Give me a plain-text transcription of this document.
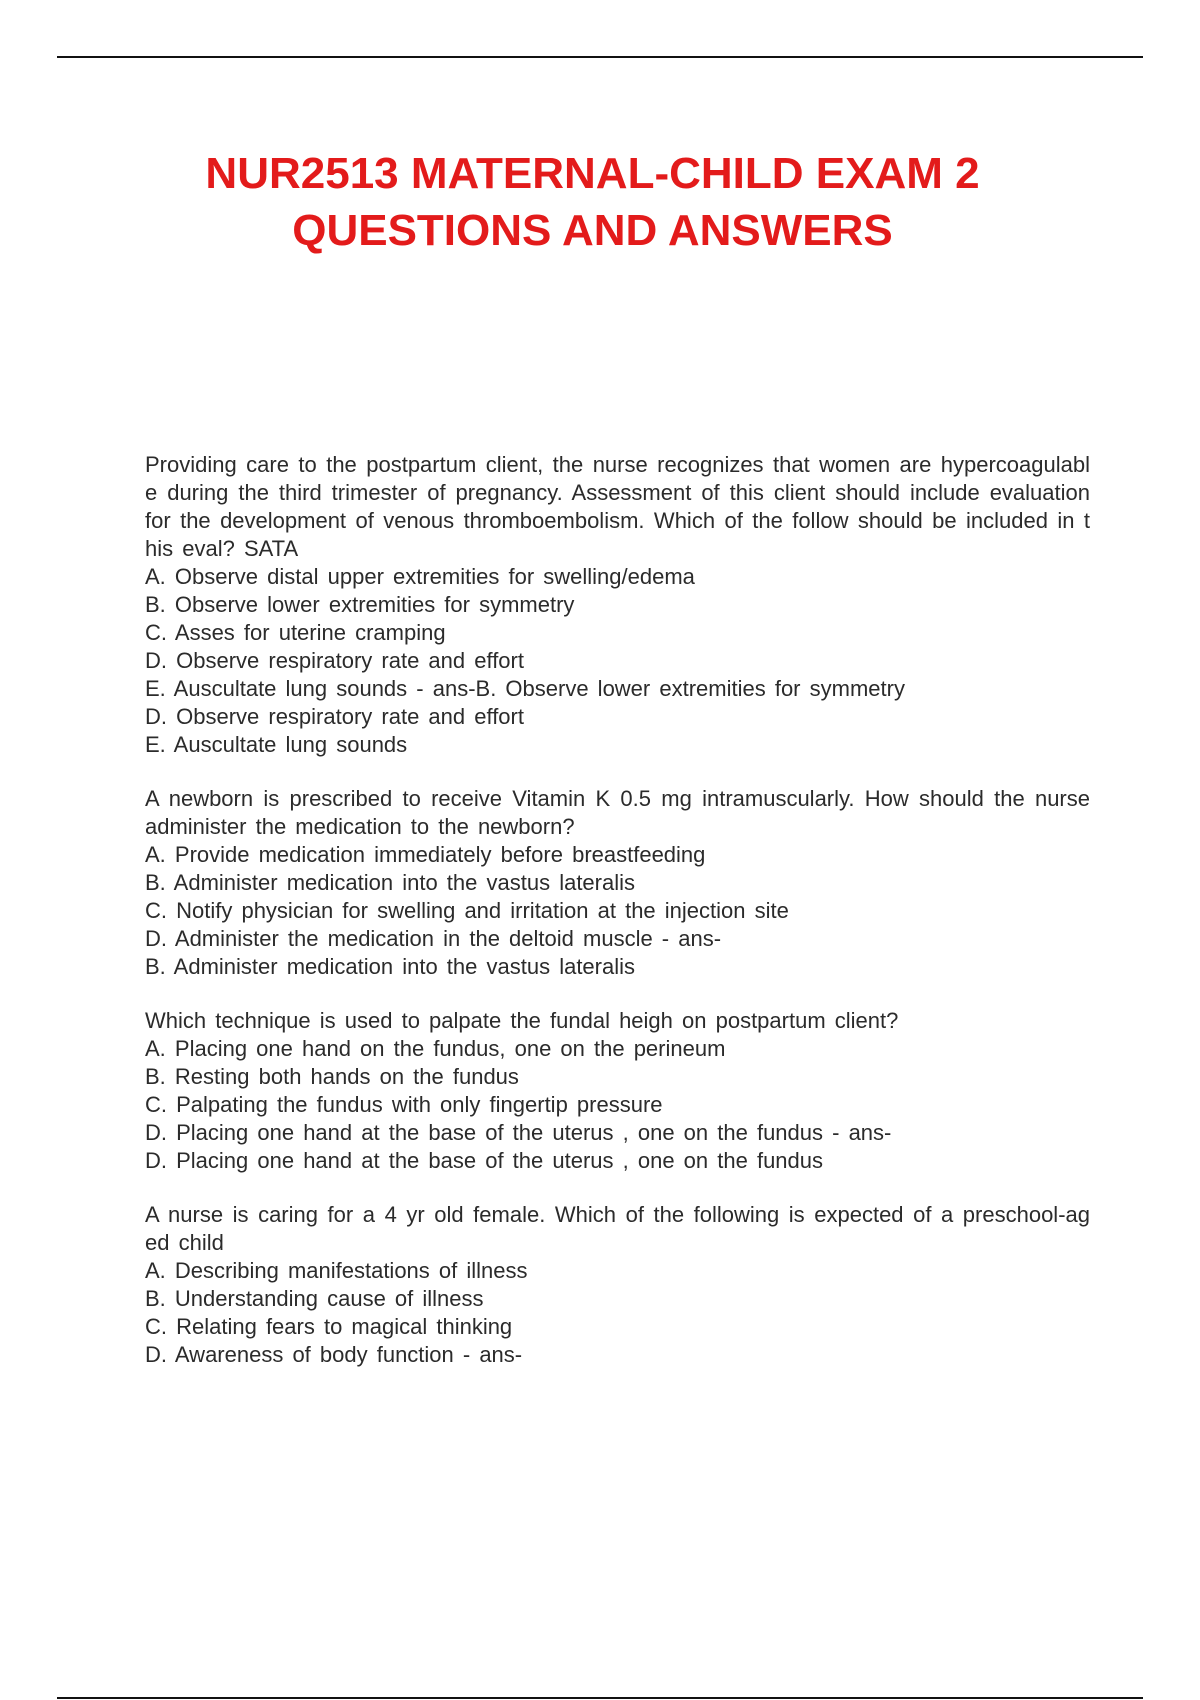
NUR2513 MATERNAL-CHILD EXAM 2
QUESTIONS AND ANSWERS

Providing care to the postpartum client, the nurse recognizes that women are hypercoagulable during the third trimester of pregnancy. Assessment of this client should include evaluation for the development of venous thromboembolism. Which of the follow should be included in this eval? SATA

A. Observe distal upper extremities for swelling/edema

B. Observe lower extremities for symmetry

C. Asses for uterine cramping

D. Observe respiratory rate and effort

E. Auscultate lung sounds - ans-B. Observe lower extremities for symmetry

D. Observe respiratory rate and effort

E. Auscultate lung sounds

A newborn is prescribed to receive Vitamin K 0.5 mg intramuscularly. How should the nurse administer the medication to the newborn?

A. Provide medication immediately before breastfeeding

B. Administer medication into the vastus lateralis

C. Notify physician for swelling and irritation at the injection site

D. Administer the medication in the deltoid muscle - ans-

B. Administer medication into the vastus lateralis

Which technique is used to palpate the fundal heigh on postpartum client?

A. Placing one hand on the fundus, one on the perineum

B. Resting both hands on the fundus

C. Palpating the fundus with only fingertip pressure

D. Placing one hand at the base of the uterus , one on the fundus - ans-

D. Placing one hand at the base of the uterus , one on the fundus

A nurse is caring for a 4 yr old female. Which of the following is expected of a preschool-aged child

A. Describing manifestations of illness

B. Understanding cause of illness

C. Relating fears to magical thinking

D. Awareness of body function - ans-
